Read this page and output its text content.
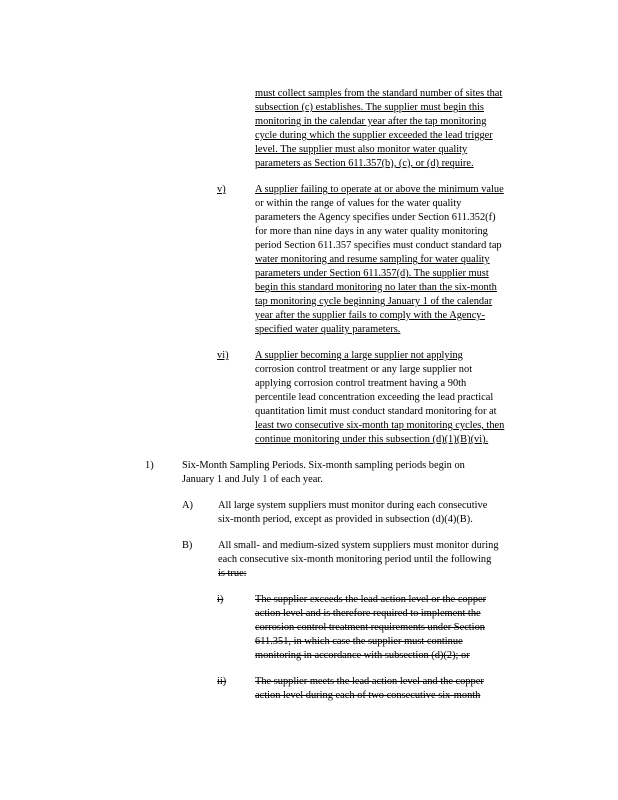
must collect samples from the standard number of sites that
subsection (c) establishes. The supplier must begin this
monitoring in the calendar year after the tap monitoring
cycle during which the supplier exceeded the lead trigger
level. The supplier must also monitor water quality
parameters as Section 611.357(b), (c), or (d) require.
v)	A supplier failing to operate at or above the minimum value
or within the range of values for the water quality
parameters the Agency specifies under Section 611.352(f)
for more than nine days in any water quality monitoring
period Section 611.357 specifies must conduct standard tap
water monitoring and resume sampling for water quality
parameters under Section 611.357(d). The supplier must
begin this standard monitoring no later than the six-month
tap monitoring cycle beginning January 1 of the calendar
year after the supplier fails to comply with the Agency-
specified water quality parameters.
vi)	A supplier becoming a large supplier not applying
corrosion control treatment or any large supplier not
applying corrosion control treatment having a 90th
percentile lead concentration exceeding the lead practical
quantitation limit must conduct standard monitoring for at
least two consecutive six-month tap monitoring cycles, then
continue monitoring under this subsection (d)(1)(B)(vi).
1)	Six-Month Sampling Periods. Six-month sampling periods begin on
January 1 and July 1 of each year.
A) All large system suppliers must monitor during each consecutive
six-month period, except as provided in subsection (d)(4)(B).
B) All small- and medium-sized system suppliers must monitor during
each consecutive six-month monitoring period until the following
is true:
i)	The supplier exceeds the lead action level or the copper
action level and is therefore required to implement the
corrosion control treatment requirements under Section
611.351, in which case the supplier must continue
monitoring in accordance with subsection (d)(2); or
ii)	The supplier meets the lead action level and the copper
action level during each of two consecutive six-month
